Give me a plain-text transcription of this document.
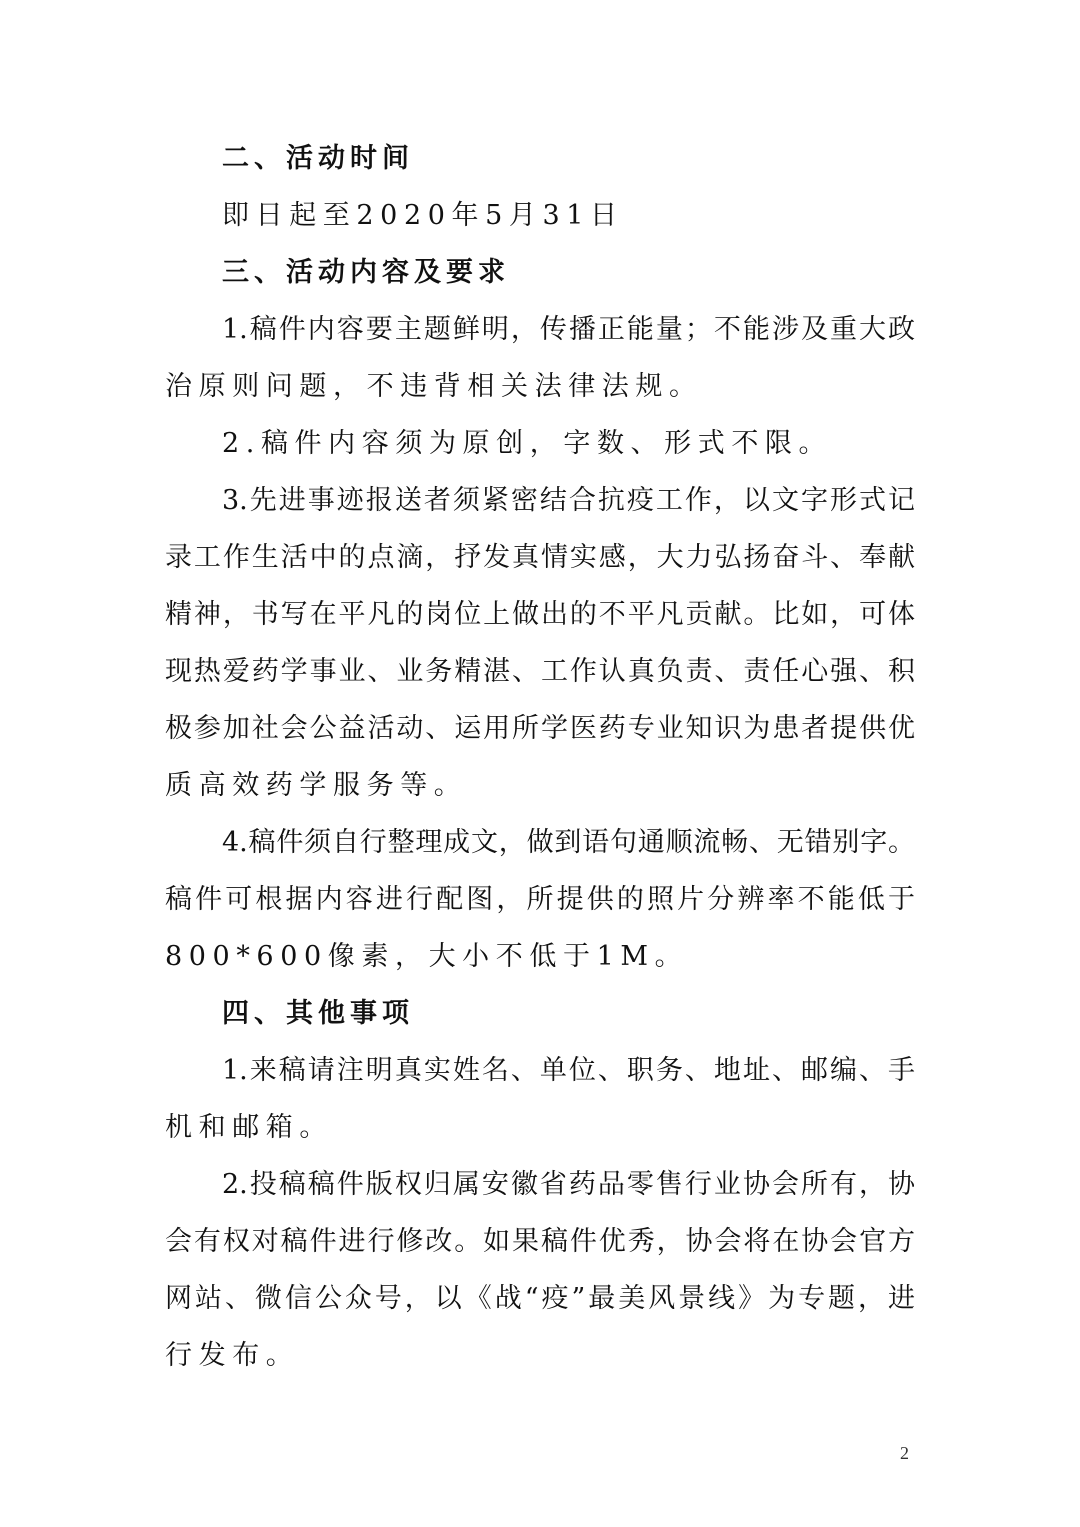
二、活动时间
即日起至2020年5月31日
三、活动内容及要求
1.稿件内容要主题鲜明，传播正能量；不能涉及重大政
治原则问题，不违背相关法律法规。
2.稿件内容须为原创，字数、形式不限。
3.先进事迹报送者须紧密结合抗疫工作，以文字形式记
录工作生活中的点滴，抒发真情实感，大力弘扬奋斗、奉献
精神，书写在平凡的岗位上做出的不平凡贡献。比如，可体
现热爱药学事业、业务精湛、工作认真负责、责任心强、积
极参加社会公益活动、运用所学医药专业知识为患者提供优
质高效药学服务等。
4.稿件须自行整理成文，做到语句通顺流畅、无错别字。
稿件可根据内容进行配图，所提供的照片分辨率不能低于
800*600像素，大小不低于1M。
四、其他事项
1.来稿请注明真实姓名、单位、职务、地址、邮编、手
机和邮箱。
2.投稿稿件版权归属安徽省药品零售行业协会所有，协
会有权对稿件进行修改。如果稿件优秀，协会将在协会官方
网站、微信公众号，以《战“疫”最美风景线》为专题，进
行发布。
2
